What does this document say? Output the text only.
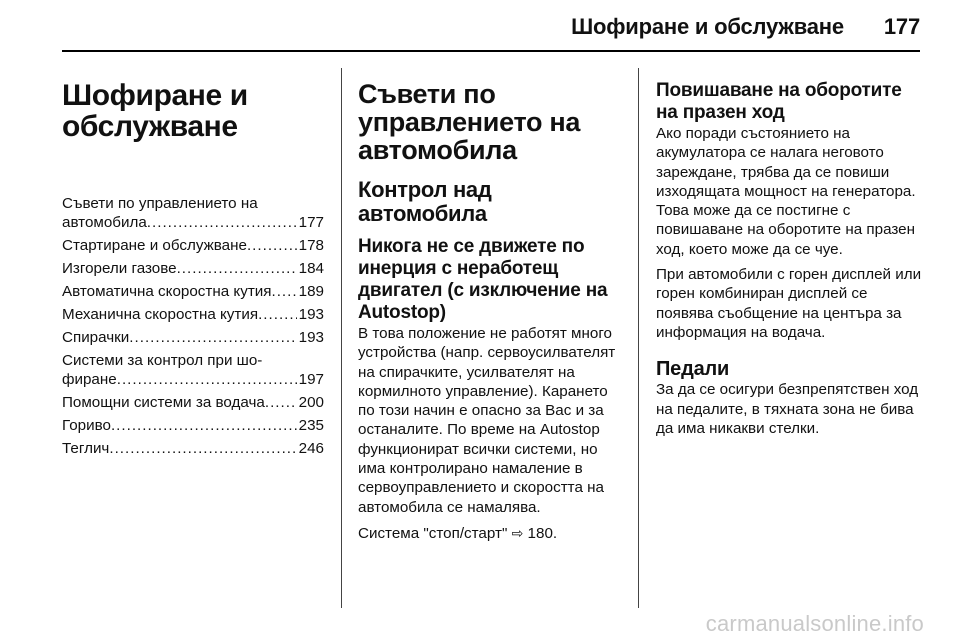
Шофиране и обслужване 177
Шофиране и обслужване
Съвети по управлението на
автомобила .....	177
Стартиране и обслужване .....	178
Изгорели газове .....	184
Автоматична скоростна кутия ..... 189
Механична скоростна кутия .....	193
Спирачки .....	193
Системи за контрол при шо-
фиране .....	197
Помощни системи за водача ..... 200
Гориво .....	235
Теглич .....	246
Съвети по управлението на автомобила
Контрол над автомобила
Никога не се движете по инерция с неработещ двигател (с изключение на Autostop)

В това положение не работят много устройства (напр. сервоусилвателят на спирачките, усилвателят на кормилното управление). Карането по този начин е опасно за Вас и за останалите. По време на Autostop функционират всички системи, но има контролирано намаление в сервоуправлението и скоростта на автомобила се намалява.

Система "стоп/старт" ⇨ 180.

Повишаване на оборотите на празен ход

Ако поради състоянието на акумулатора се налага неговото зареждане, трябва да се повиши изходящата мощност на генератора. Това може да се постигне с повишаване на оборотите на празен ход, което може да се чуе.

При автомобили с горен дисплей или горен комбиниран дисплей се появява съобщение на центъра за информация на водача.

Педали

За да се осигури безпрепятствен ход на педалите, в тяхната зона не бива да има никакви стелки.

carmanualsonline.info
